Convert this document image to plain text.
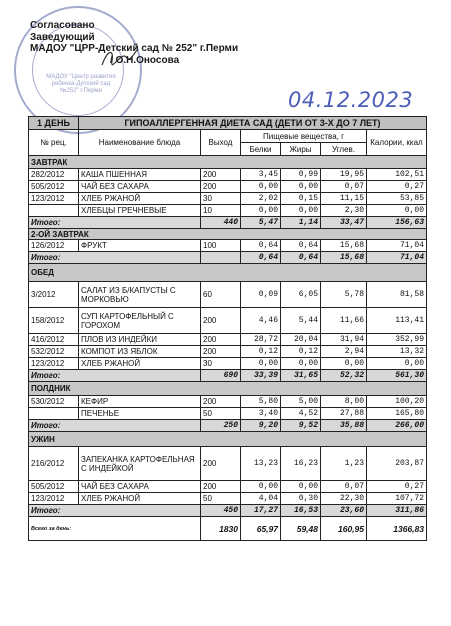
МАДОУ "Центр развития ребенка-Детский сад №252" г.Перми
Согласовано
Заведующий
МАДОУ "ЦРР-Детский сад № 252" г.Перми
/ О.Н.Оносова
04.12.2023
1 ДЕНЬ	ГИПОАЛЛЕРГЕННАЯ ДИЕТА САД (ДЕТИ ОТ 3-Х ДО 7 ЛЕТ)					
№ рец.	Наименование блюда	Выход	Пищевые вещества, г			Калории, ккал
			Белки	Жиры	Углев.	
ЗАВТРАК						
282/2012	КАША ПШЕННАЯ	200	3,45	0,99	19,95	102,51
505/2012	ЧАЙ БЕЗ САХАРА	200	0,00	0,00	0,07	0,27
123/2012	ХЛЕБ РЖАНОЙ	30	2,02	0,15	11,15	53,85
	ХЛЕБЦЫ ГРЕЧНЕВЫЕ	10	0,00	0,00	2,30	0,00
Итого:		440	5,47	1,14	33,47	156,63
2-ОЙ ЗАВТРАК						
126/2012	ФРУКТ	100	0,64	0,64	15,68	71,04
Итого:			0,64	0,64	15,68	71,04
ОБЕД						
3/2012	САЛАТ ИЗ Б/КАПУСТЫ С МОРКОВЬЮ	60	0,09	6,05	5,78	81,58
158/2012	СУП КАРТОФЕЛЬНЫЙ С ГОРОХОМ	200	4,46	5,44	11,66	113,41
416/2012	ПЛОВ ИЗ ИНДЕЙКИ	200	28,72	20,04	31,94	352,99
532/2012	КОМПОТ ИЗ ЯБЛОК	200	0,12	0,12	2,94	13,32
123/2012	ХЛЕБ РЖАНОЙ	30	0,00	0,00	0,00	0,00
Итого:		690	33,39	31,65	52,32	561,30
ПОЛДНИК						
530/2012	КЕФИР	200	5,80	5,00	8,00	100,20
	ПЕЧЕНЬЕ	50	3,40	4,52	27,88	165,80
Итого:		250	9,20	9,52	35,88	266,00
УЖИН						
216/2012	ЗАПЕКАНКА КАРТОФЕЛЬНАЯ С ИНДЕЙКОЙ	200	13,23	16,23	1,23	203,87
505/2012	ЧАЙ БЕЗ САХАРА	200	0,00	0,00	0,07	0,27
123/2012	ХЛЕБ РЖАНОЙ	50	4,04	0,30	22,30	107,72
Итого:		450	17,27	16,53	23,60	311,86
Всего за день:		1830	65,97	59,48	160,95	1366,83
